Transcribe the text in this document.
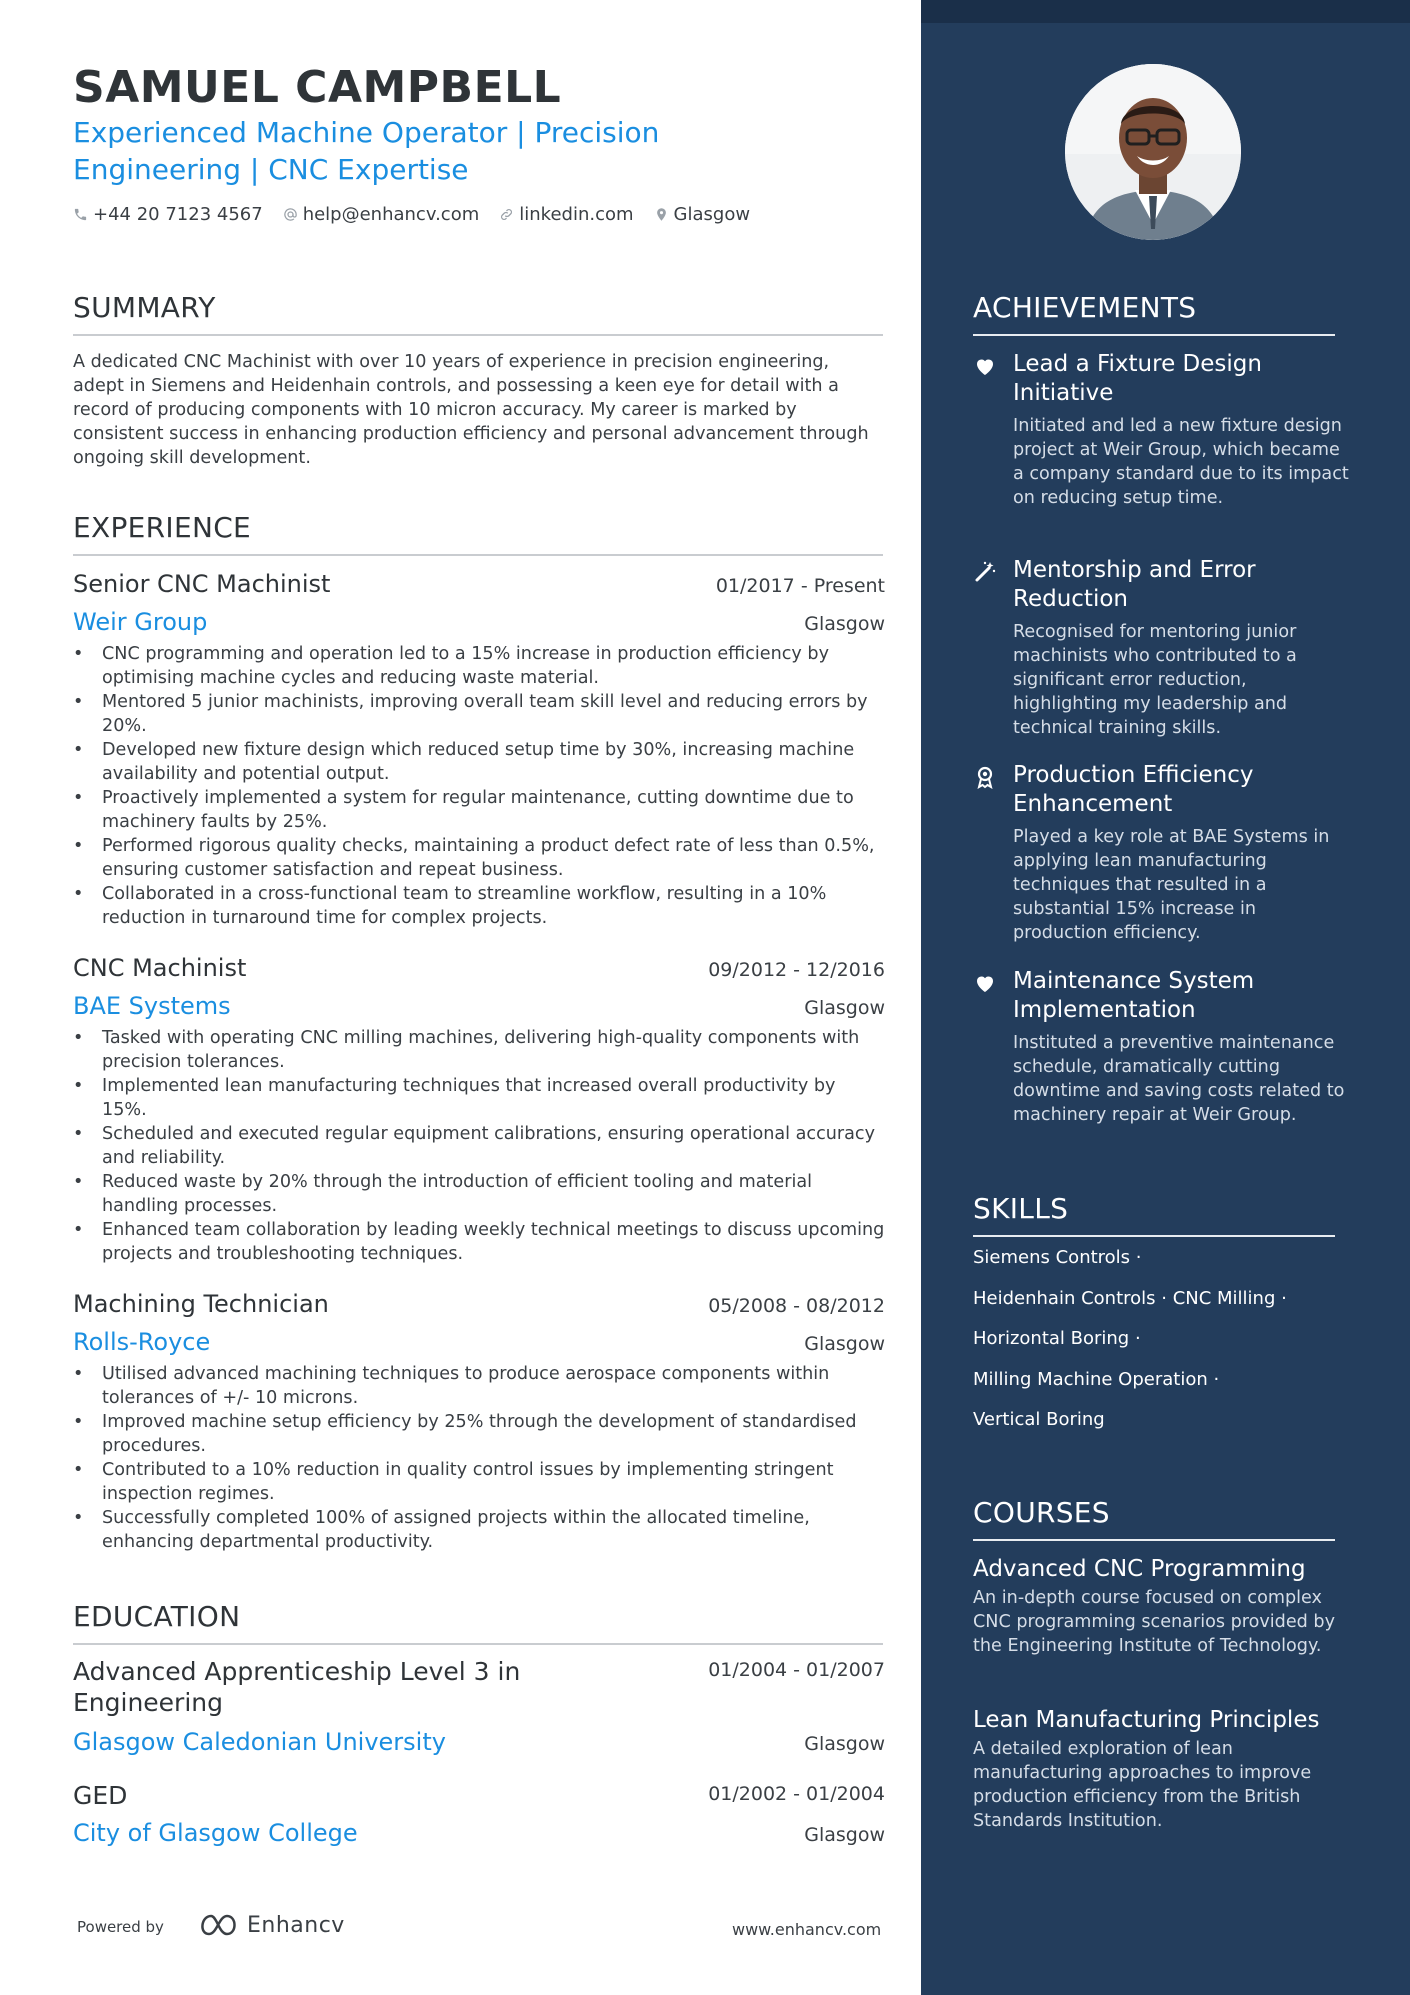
SAMUEL CAMPBELL
Experienced Machine Operator | Precision Engineering | CNC Expertise
+44 20 7123 4567 help@enhancv.com linkedin.com Glasgow
SUMMARY
A dedicated CNC Machinist with over 10 years of experience in precision engineering, adept in Siemens and Heidenhain controls, and possessing a keen eye for detail with a record of producing components with 10 micron accuracy. My career is marked by consistent success in enhancing production efficiency and personal advancement through ongoing skill development.
EXPERIENCE
Senior CNC Machinist	01/2017 - Present
Weir Group	Glasgow
• CNC programming and operation led to a 15% increase in production efficiency by optimising machine cycles and reducing waste material.
• Mentored 5 junior machinists, improving overall team skill level and reducing errors by 20%.
• Developed new fixture design which reduced setup time by 30%, increasing machine availability and potential output.
• Proactively implemented a system for regular maintenance, cutting downtime due to machinery faults by 25%.
• Performed rigorous quality checks, maintaining a product defect rate of less than 0.5%, ensuring customer satisfaction and repeat business.
• Collaborated in a cross-functional team to streamline workflow, resulting in a 10% reduction in turnaround time for complex projects.
CNC Machinist	09/2012 - 12/2016
BAE Systems	Glasgow
• Tasked with operating CNC milling machines, delivering high-quality components with precision tolerances.
• Implemented lean manufacturing techniques that increased overall productivity by 15%.
• Scheduled and executed regular equipment calibrations, ensuring operational accuracy and reliability.
• Reduced waste by 20% through the introduction of efficient tooling and material handling processes.
• Enhanced team collaboration by leading weekly technical meetings to discuss upcoming projects and troubleshooting techniques.
Machining Technician	05/2008 - 08/2012
Rolls-Royce	Glasgow
• Utilised advanced machining techniques to produce aerospace components within tolerances of +/- 10 microns.
• Improved machine setup efficiency by 25% through the development of standardised procedures.
• Contributed to a 10% reduction in quality control issues by implementing stringent inspection regimes.
• Successfully completed 100% of assigned projects within the allocated timeline, enhancing departmental productivity.
EDUCATION
Advanced Apprenticeship Level 3 in Engineering
01/2004 - 01/2007
Glasgow Caledonian University	Glasgow
GED	01/2002 - 01/2004
City of Glasgow College	Glasgow
Powered by	Enhancv	www.enhancv.com
ACHIEVEMENTS
Lead a Fixture Design Initiative
Initiated and led a new fixture design project at Weir Group, which became a company standard due to its impact on reducing setup time.
Mentorship and Error Reduction
Recognised for mentoring junior machinists who contributed to a significant error reduction, highlighting my leadership and technical training skills.
Production Efficiency Enhancement
Played a key role at BAE Systems in applying lean manufacturing techniques that resulted in a substantial 15% increase in production efficiency.
Maintenance System Implementation
Instituted a preventive maintenance schedule, dramatically cutting downtime and saving costs related to machinery repair at Weir Group.
SKILLS
Siemens Controls ·
Heidenhain Controls · CNC Milling ·
Horizontal Boring ·
Milling Machine Operation ·
Vertical Boring
COURSES
Advanced CNC Programming
An in-depth course focused on complex CNC programming scenarios provided by the Engineering Institute of Technology.
Lean Manufacturing Principles
A detailed exploration of lean manufacturing approaches to improve production efficiency from the British Standards Institution.
